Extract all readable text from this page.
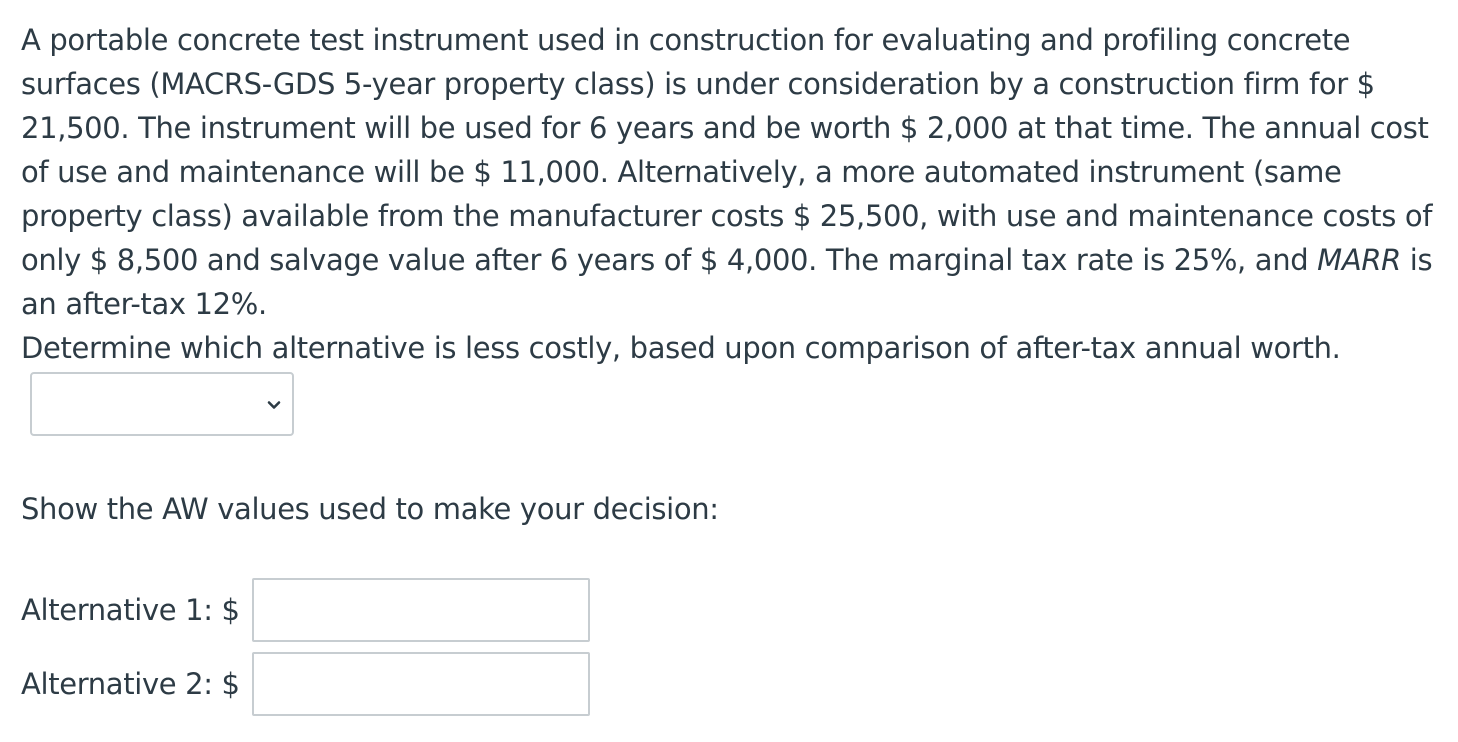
A portable concrete test instrument used in construction for evaluating and profiling concrete surfaces (MACRS-GDS 5-year property class) is under consideration by a construction firm for $ 21,500. The instrument will be used for 6 years and be worth $ 2,000 at that time. The annual cost of use and maintenance will be $ 11,000. Alternatively, a more automated instrument (same property class) available from the manufacturer costs $ 25,500, with use and maintenance costs of only $ 8,500 and salvage value after 6 years of $ 4,000. The marginal tax rate is 25%, and MARR is an after-tax 12%.

Determine which alternative is less costly, based upon comparison of after-tax annual worth.

Show the AW values used to make your decision:

Alternative 1: $
Alternative 2: $
